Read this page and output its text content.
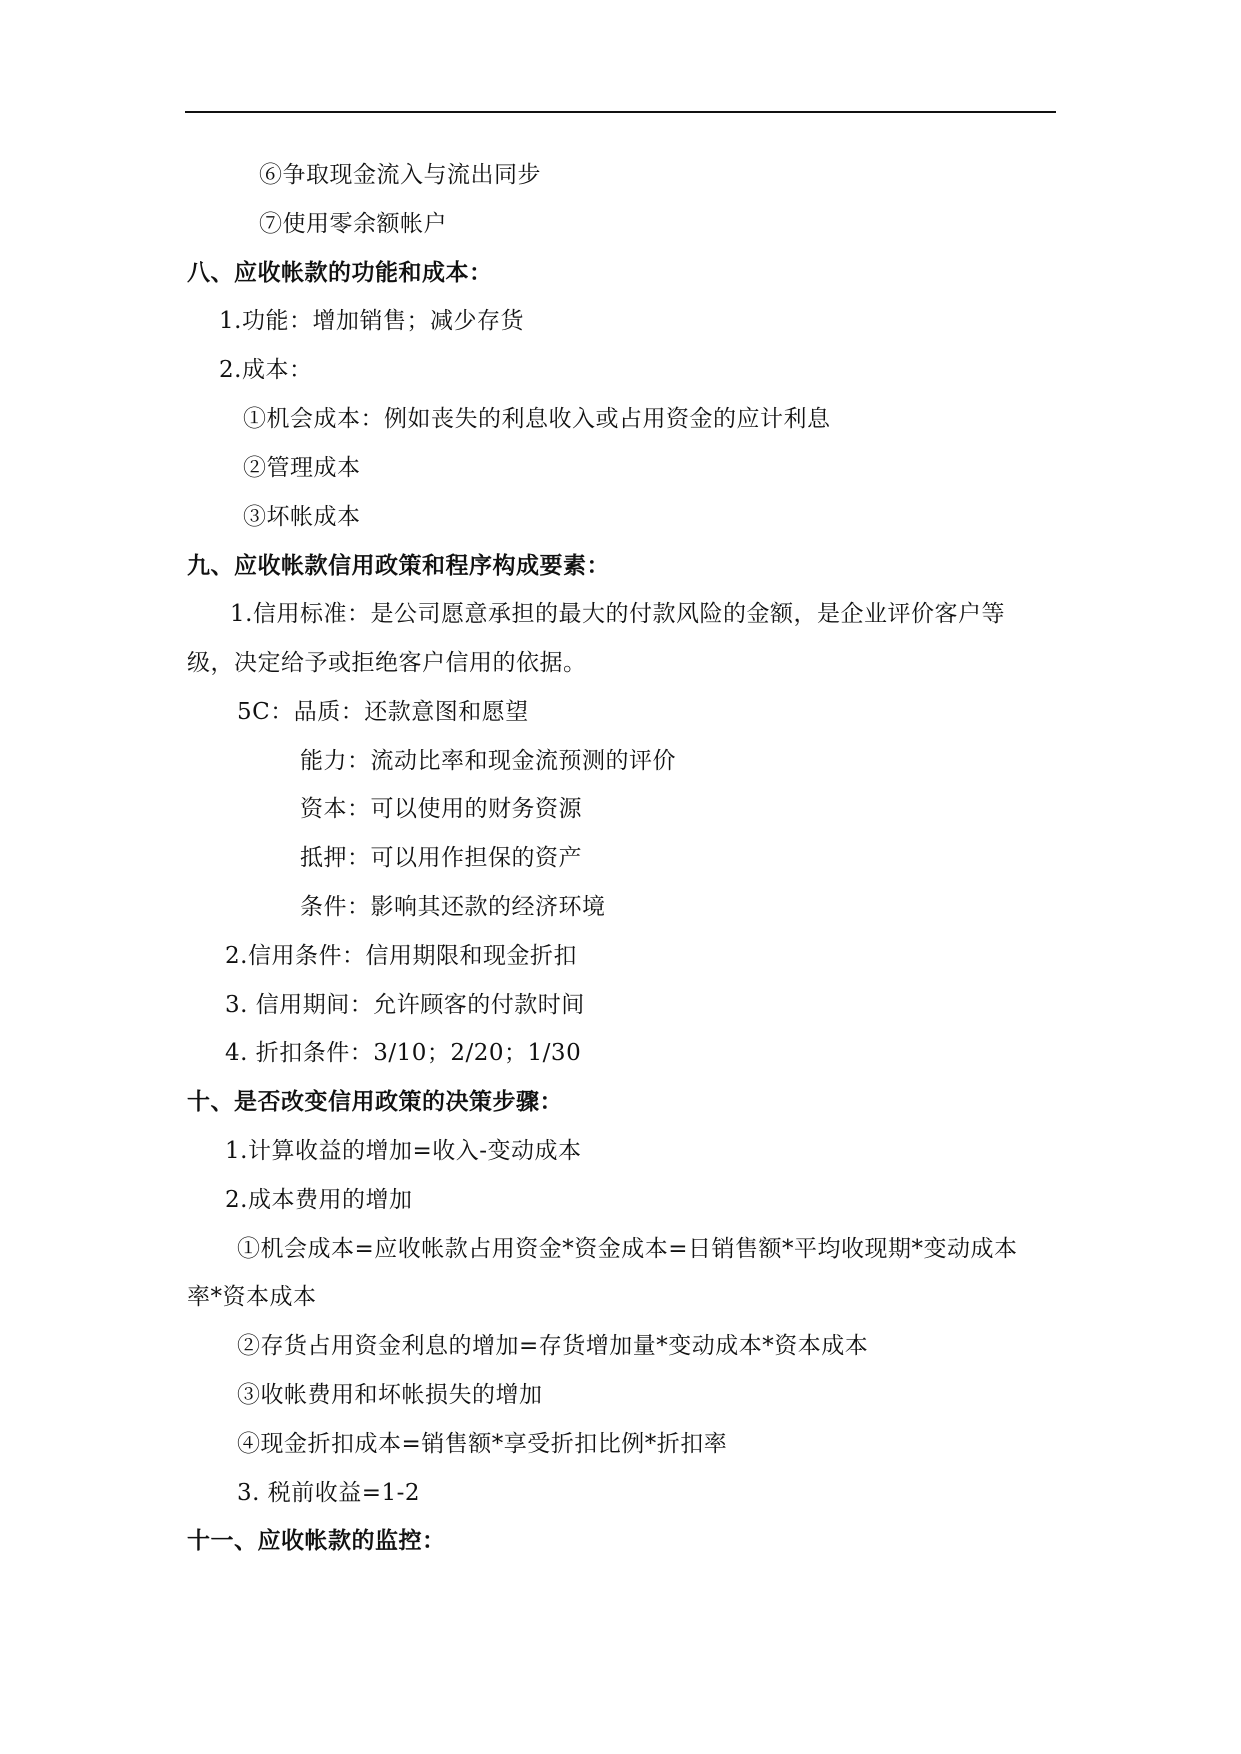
⑥争取现金流入与流出同步
⑦使用零余额帐户
八、应收帐款的功能和成本：
1.功能：增加销售；减少存货
2.成本：
①机会成本：例如丧失的利息收入或占用资金的应计利息
②管理成本
③坏帐成本
九、应收帐款信用政策和程序构成要素：
1.信用标准：是公司愿意承担的最大的付款风险的金额，是企业评价客户等
级，决定给予或拒绝客户信用的依据。
5C：品质：还款意图和愿望
能力：流动比率和现金流预测的评价
资本：可以使用的财务资源
抵押：可以用作担保的资产
条件：影响其还款的经济环境
2.信用条件：信用期限和现金折扣
3. 信用期间：允许顾客的付款时间
4. 折扣条件：3/10；2/20；1/30
十、是否改变信用政策的决策步骤：
1.计算收益的增加=收入-变动成本
2.成本费用的增加
①机会成本=应收帐款占用资金*资金成本=日销售额*平均收现期*变动成本
率*资本成本
②存货占用资金利息的增加=存货增加量*变动成本*资本成本
③收帐费用和坏帐损失的增加
④现金折扣成本=销售额*享受折扣比例*折扣率
3. 税前收益=1-2
十一、应收帐款的监控：
